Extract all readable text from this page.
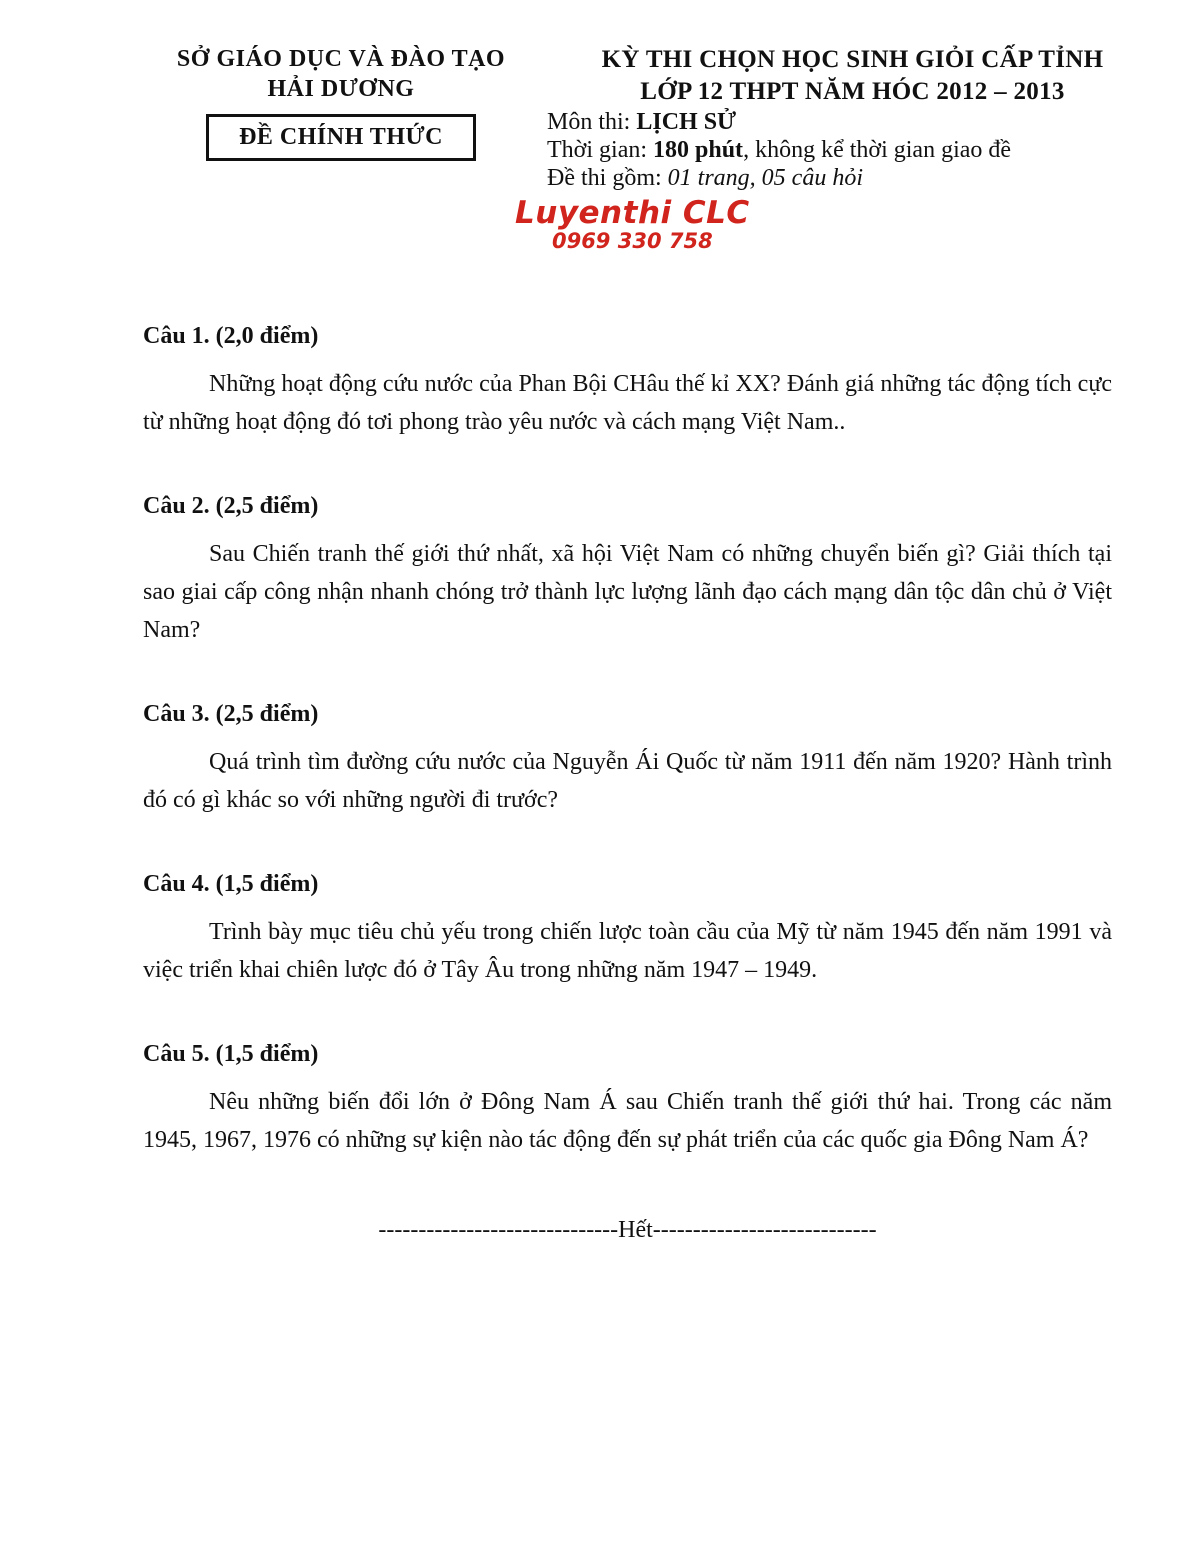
SỞ GIÁO DỤC VÀ ĐÀO TẠO
HẢI DƯƠNG
ĐỀ CHÍNH THỨC
KỲ THI CHỌN HỌC SINH GIỎI CẤP TỈNH
LỚP 12 THPT NĂM HÓC 2012 – 2013
Môn thi: LỊCH SỬ
Thời gian: 180 phút, không kể thời gian giao đề
Đề thi gồm: 01 trang, 05 câu hỏi
Luyenthi CLC
0969 330 758
Câu 1. (2,0 điểm)

Những hoạt động cứu nước của Phan Bội CHâu thế kỉ XX? Đánh giá những tác động tích cực từ những hoạt động đó tơi phong trào yêu nước và cách mạng Việt Nam..

Câu 2. (2,5 điểm)

Sau Chiến tranh thế giới thứ nhất, xã hội Việt Nam có những chuyển biến gì? Giải thích tại sao giai cấp công nhận nhanh chóng trở thành lực lượng lãnh đạo cách mạng dân tộc dân chủ ở Việt Nam?

Câu 3. (2,5 điểm)

Quá trình tìm đường cứu nước của Nguyễn Ái Quốc từ năm 1911 đến năm 1920? Hành trình đó có gì khác so với những người đi trước?

Câu 4. (1,5 điểm)

Trình bày mục tiêu chủ yếu trong chiến lược toàn cầu của Mỹ từ năm 1945 đến năm 1991 và việc triển khai chiên lược đó ở Tây Âu trong những năm 1947 – 1949.

Câu 5. (1,5 điểm)

Nêu những biến đổi lớn ở Đông Nam Á sau Chiến tranh thế giới thứ hai. Trong các năm 1945, 1967, 1976 có những sự kiện nào tác động đến sự phát triển của các quốc gia Đông Nam Á?

------------------------------Hết----------------------------
